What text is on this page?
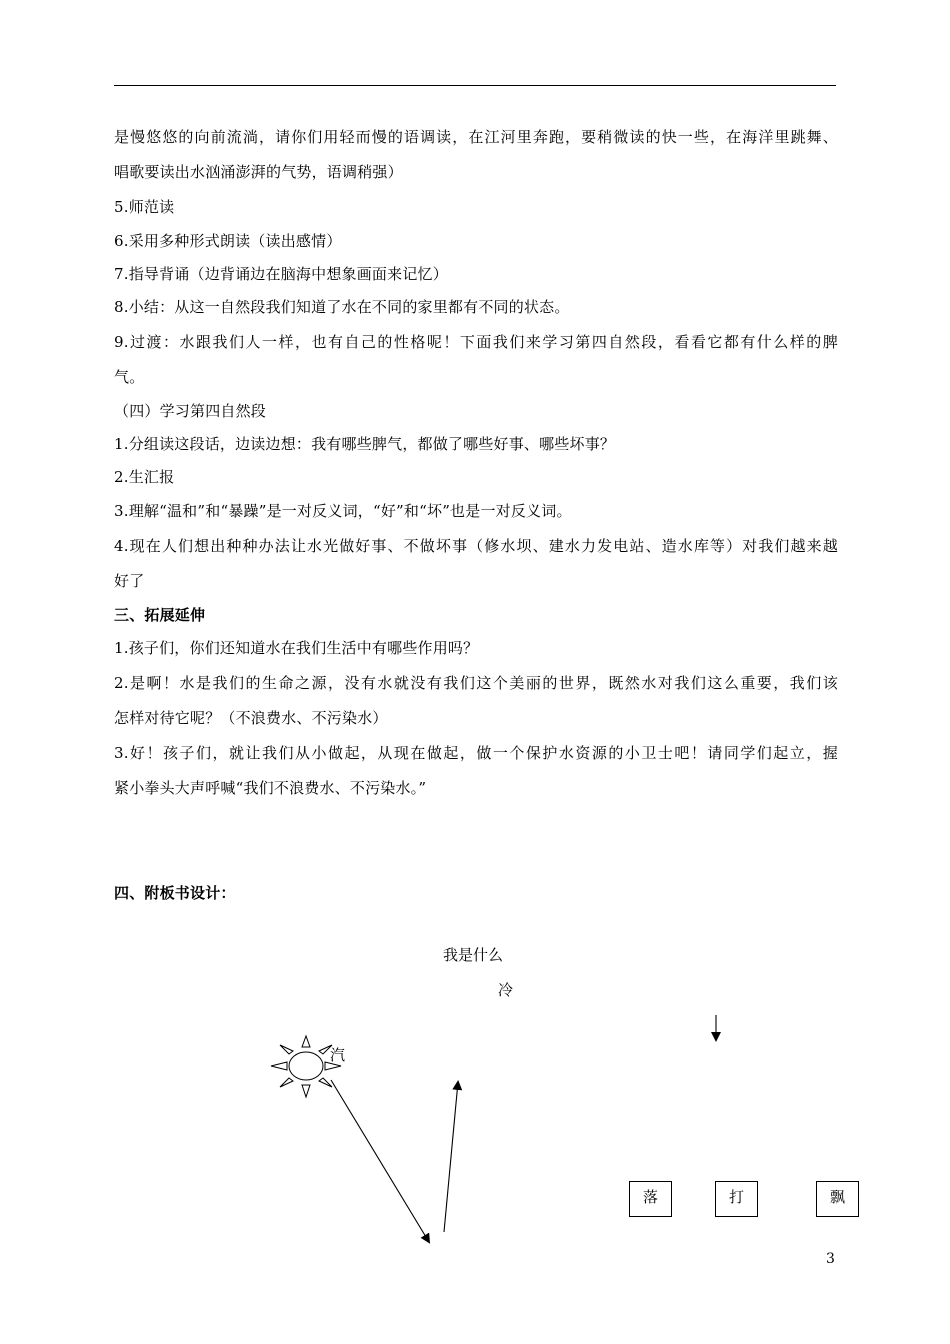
是慢悠悠的向前流淌，请你们用轻而慢的语调读，在江河里奔跑，要稍微读的快一些，在海洋里跳舞、
唱歌要读出水汹涌澎湃的气势，语调稍强）
5.师范读
6.采用多种形式朗读（读出感情）
7.指导背诵（边背诵边在脑海中想象画面来记忆）
8.小结：从这一自然段我们知道了水在不同的家里都有不同的状态。
9.过渡：水跟我们人一样，也有自己的性格呢！下面我们来学习第四自然段，看看它都有什么样的脾
气。
（四）学习第四自然段
1.分组读这段话，边读边想：我有哪些脾气，都做了哪些好事、哪些坏事？
2.生汇报
3.理解“温和”和“暴躁”是一对反义词，“好”和“坏”也是一对反义词。
4.现在人们想出种种办法让水光做好事、不做坏事（修水坝、建水力发电站、造水库等）对我们越来越
好了
三、拓展延伸
1.孩子们，你们还知道水在我们生活中有哪些作用吗？
2.是啊！水是我们的生命之源，没有水就没有我们这个美丽的世界，既然水对我们这么重要，我们该
怎样对待它呢？（不浪费水、不污染水）
3.好！孩子们，就让我们从小做起，从现在做起，做一个保护水资源的小卫士吧！请同学们起立，握
紧小拳头大声呼喊“我们不浪费水、不污染水。”
四、附板书设计：
我是什么
冷
汽
落	打	飘
3
